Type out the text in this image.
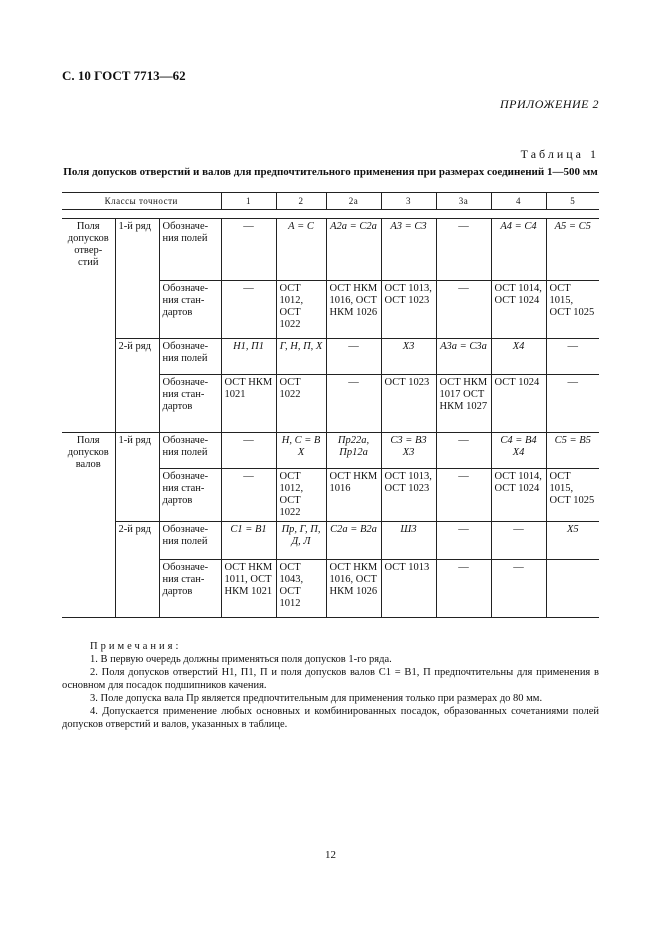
С. 10 ГОСТ 7713—62
ПРИЛОЖЕНИЕ 2
Таблица 1
Поля допусков отверстий и валов для предпочтительного применения при размерах соединений 1—500 мм
Классы точности			1	2	2а	3	3а	4	5

Поля допусков отвер-стий	1-й ряд	Обозначе-ния полей	—	А = С	А2а = С2а	А3 = С3	—	А4 = С4	А5 = С5
		Обозначе-ния стан-дартов	—	ОСТ 1012, ОСТ 1022	ОСТ НКМ 1016, ОСТ НКМ 1026	ОСТ 1013, ОСТ 1023	—	ОСТ 1014, ОСТ 1024	ОСТ 1015, ОСТ 1025
	2-й ряд	Обозначе-ния полей	Н1, П1	Г, Н, П, X	—	X3	А3а = С3а	X4	—
		Обозначе-ния стан-дартов	ОСТ НКМ 1021	ОСТ 1022	—	ОСТ 1023	ОСТ НКМ 1017 ОСТ НКМ 1027	ОСТ 1024	—
Поля допусков валов	1-й ряд	Обозначе-ния полей	—	Н, С = В X	Пр22а, Пр12а	С3 = В3 X3	—	С4 = В4 X4	С5 = В5
		Обозначе-ния стан-дартов	—	ОСТ 1012, ОСТ 1022	ОСТ НКМ 1016	ОСТ 1013, ОСТ 1023	—	ОСТ 1014, ОСТ 1024	ОСТ 1015, ОСТ 1025
	2-й ряд	Обозначе-ния полей	С1 = В1	Пр, Г, П, Д, Л	С2а = В2а	Ш3	—	—	X5
		Обозначе-ния стан-дартов	ОСТ НКМ 1011, ОСТ НКМ 1021	ОСТ 1043, ОСТ 1012	ОСТ НКМ 1016, ОСТ НКМ 1026	ОСТ 1013	—	—	
Примечания:

1. В первую очередь должны применяться поля допусков 1-го ряда.

2. Поля допусков отверстий Н1, П1, П и поля допусков валов С1 = В1, П предпочтительны для применения в основном для посадок подшипников качения.

3. Поле допуска вала Пр является предпочтительным для применения только при размерах до 80 мм.

4. Допускается применение любых основных и комбинированных посадок, образованных сочетаниями полей допусков отверстий и валов, указанных в таблице.

12
